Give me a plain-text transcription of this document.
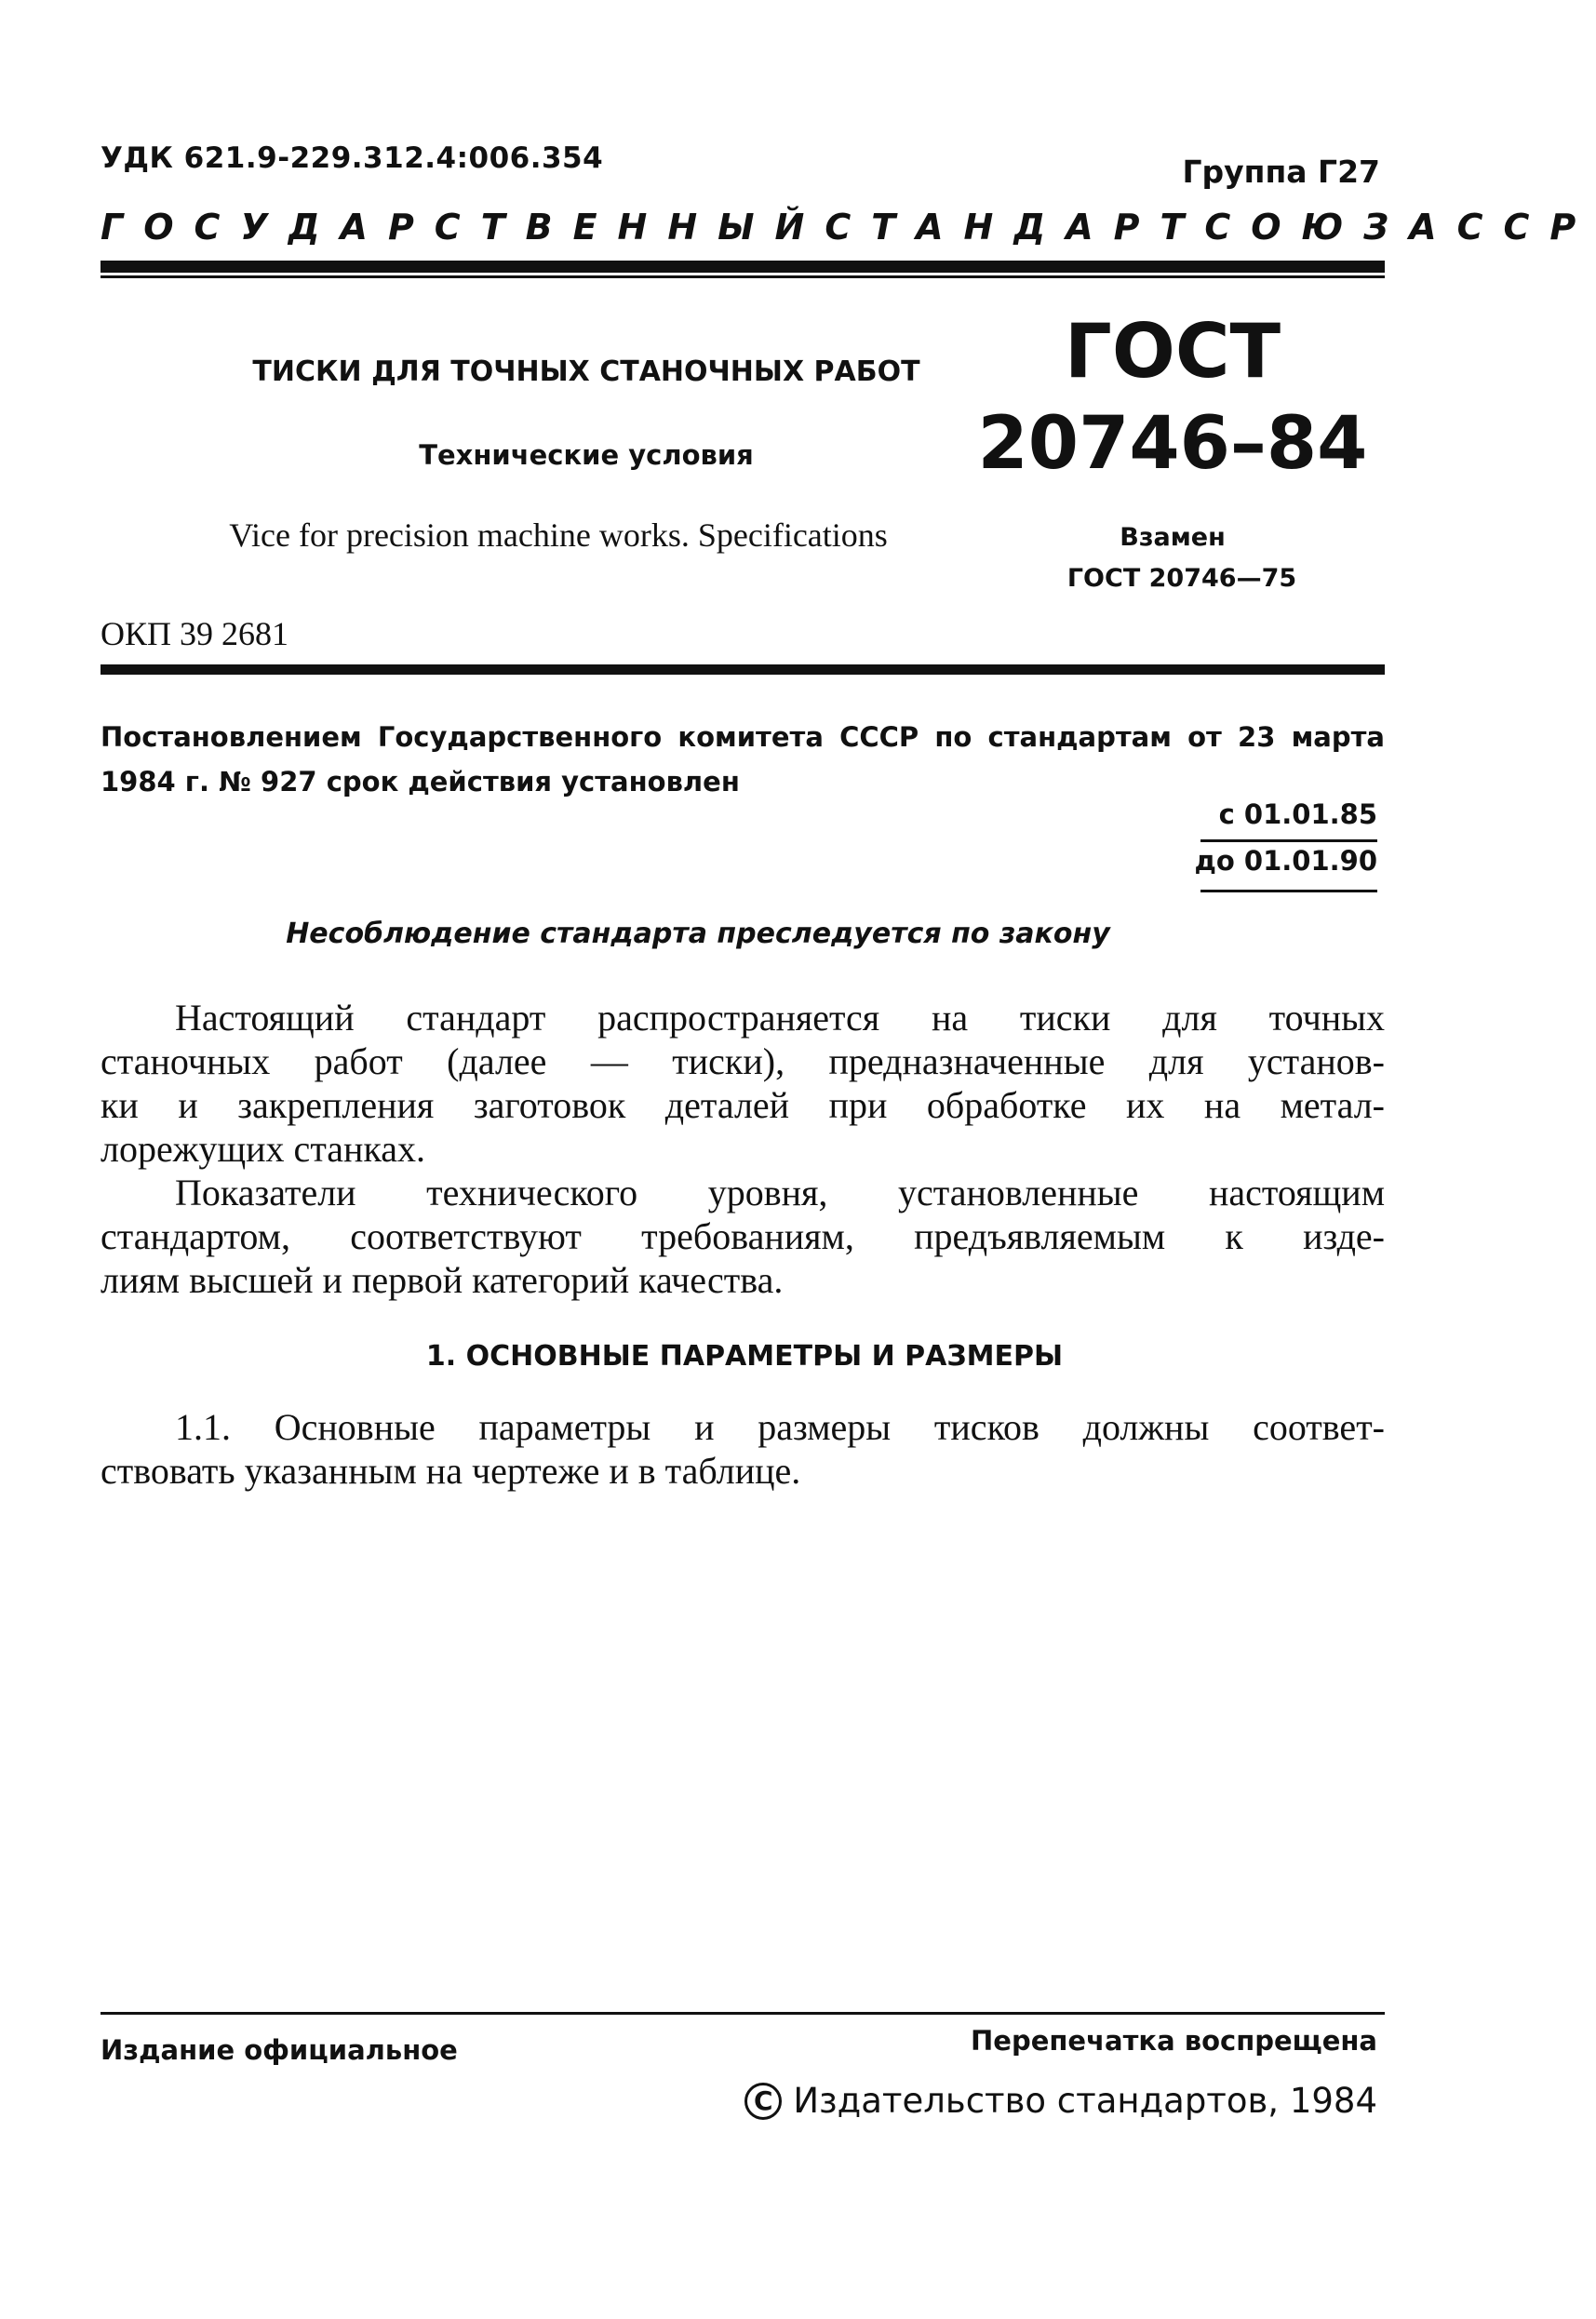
УДК 621.9-229.312.4:006.354	Группа Г27
ГОСУДАРСТВЕННЫЙ СТАНДАРТ СОЮЗА ССР
ТИСКИ ДЛЯ ТОЧНЫХ СТАНОЧНЫХ РАБОТ
Технические условия
Vice for precision machine works. Specifications
ОКП 39 2681
ГОСТ
20746–84
Взамен
ГОСТ 20746—75
Постановлением Государственного комитета СССР по стандартам от 23 марта 1984 г. № 927 срок действия установлен
с 01.01.85
до 01.01.90
Несоблюдение стандарта преследуется по закону
Настоящий стандарт распространяется на тиски для точных
станочных работ (далее — тиски), предназначенные для установ-
ки и закрепления заготовок деталей при обработке их на метал-
лорежущих станках.
Показатели технического уровня, установленные настоящим
стандартом, соответствуют требованиям, предъявляемым к изде-
лиям высшей и первой категорий качества.
1. ОСНОВНЫЕ ПАРАМЕТРЫ И РАЗМЕРЫ
1.1. Основные параметры и размеры тисков должны соответ-
ствовать указанным на чертеже и в таблице.
Издание официальное	Перепечатка воспрещена
C Издательство стандартов, 1984
